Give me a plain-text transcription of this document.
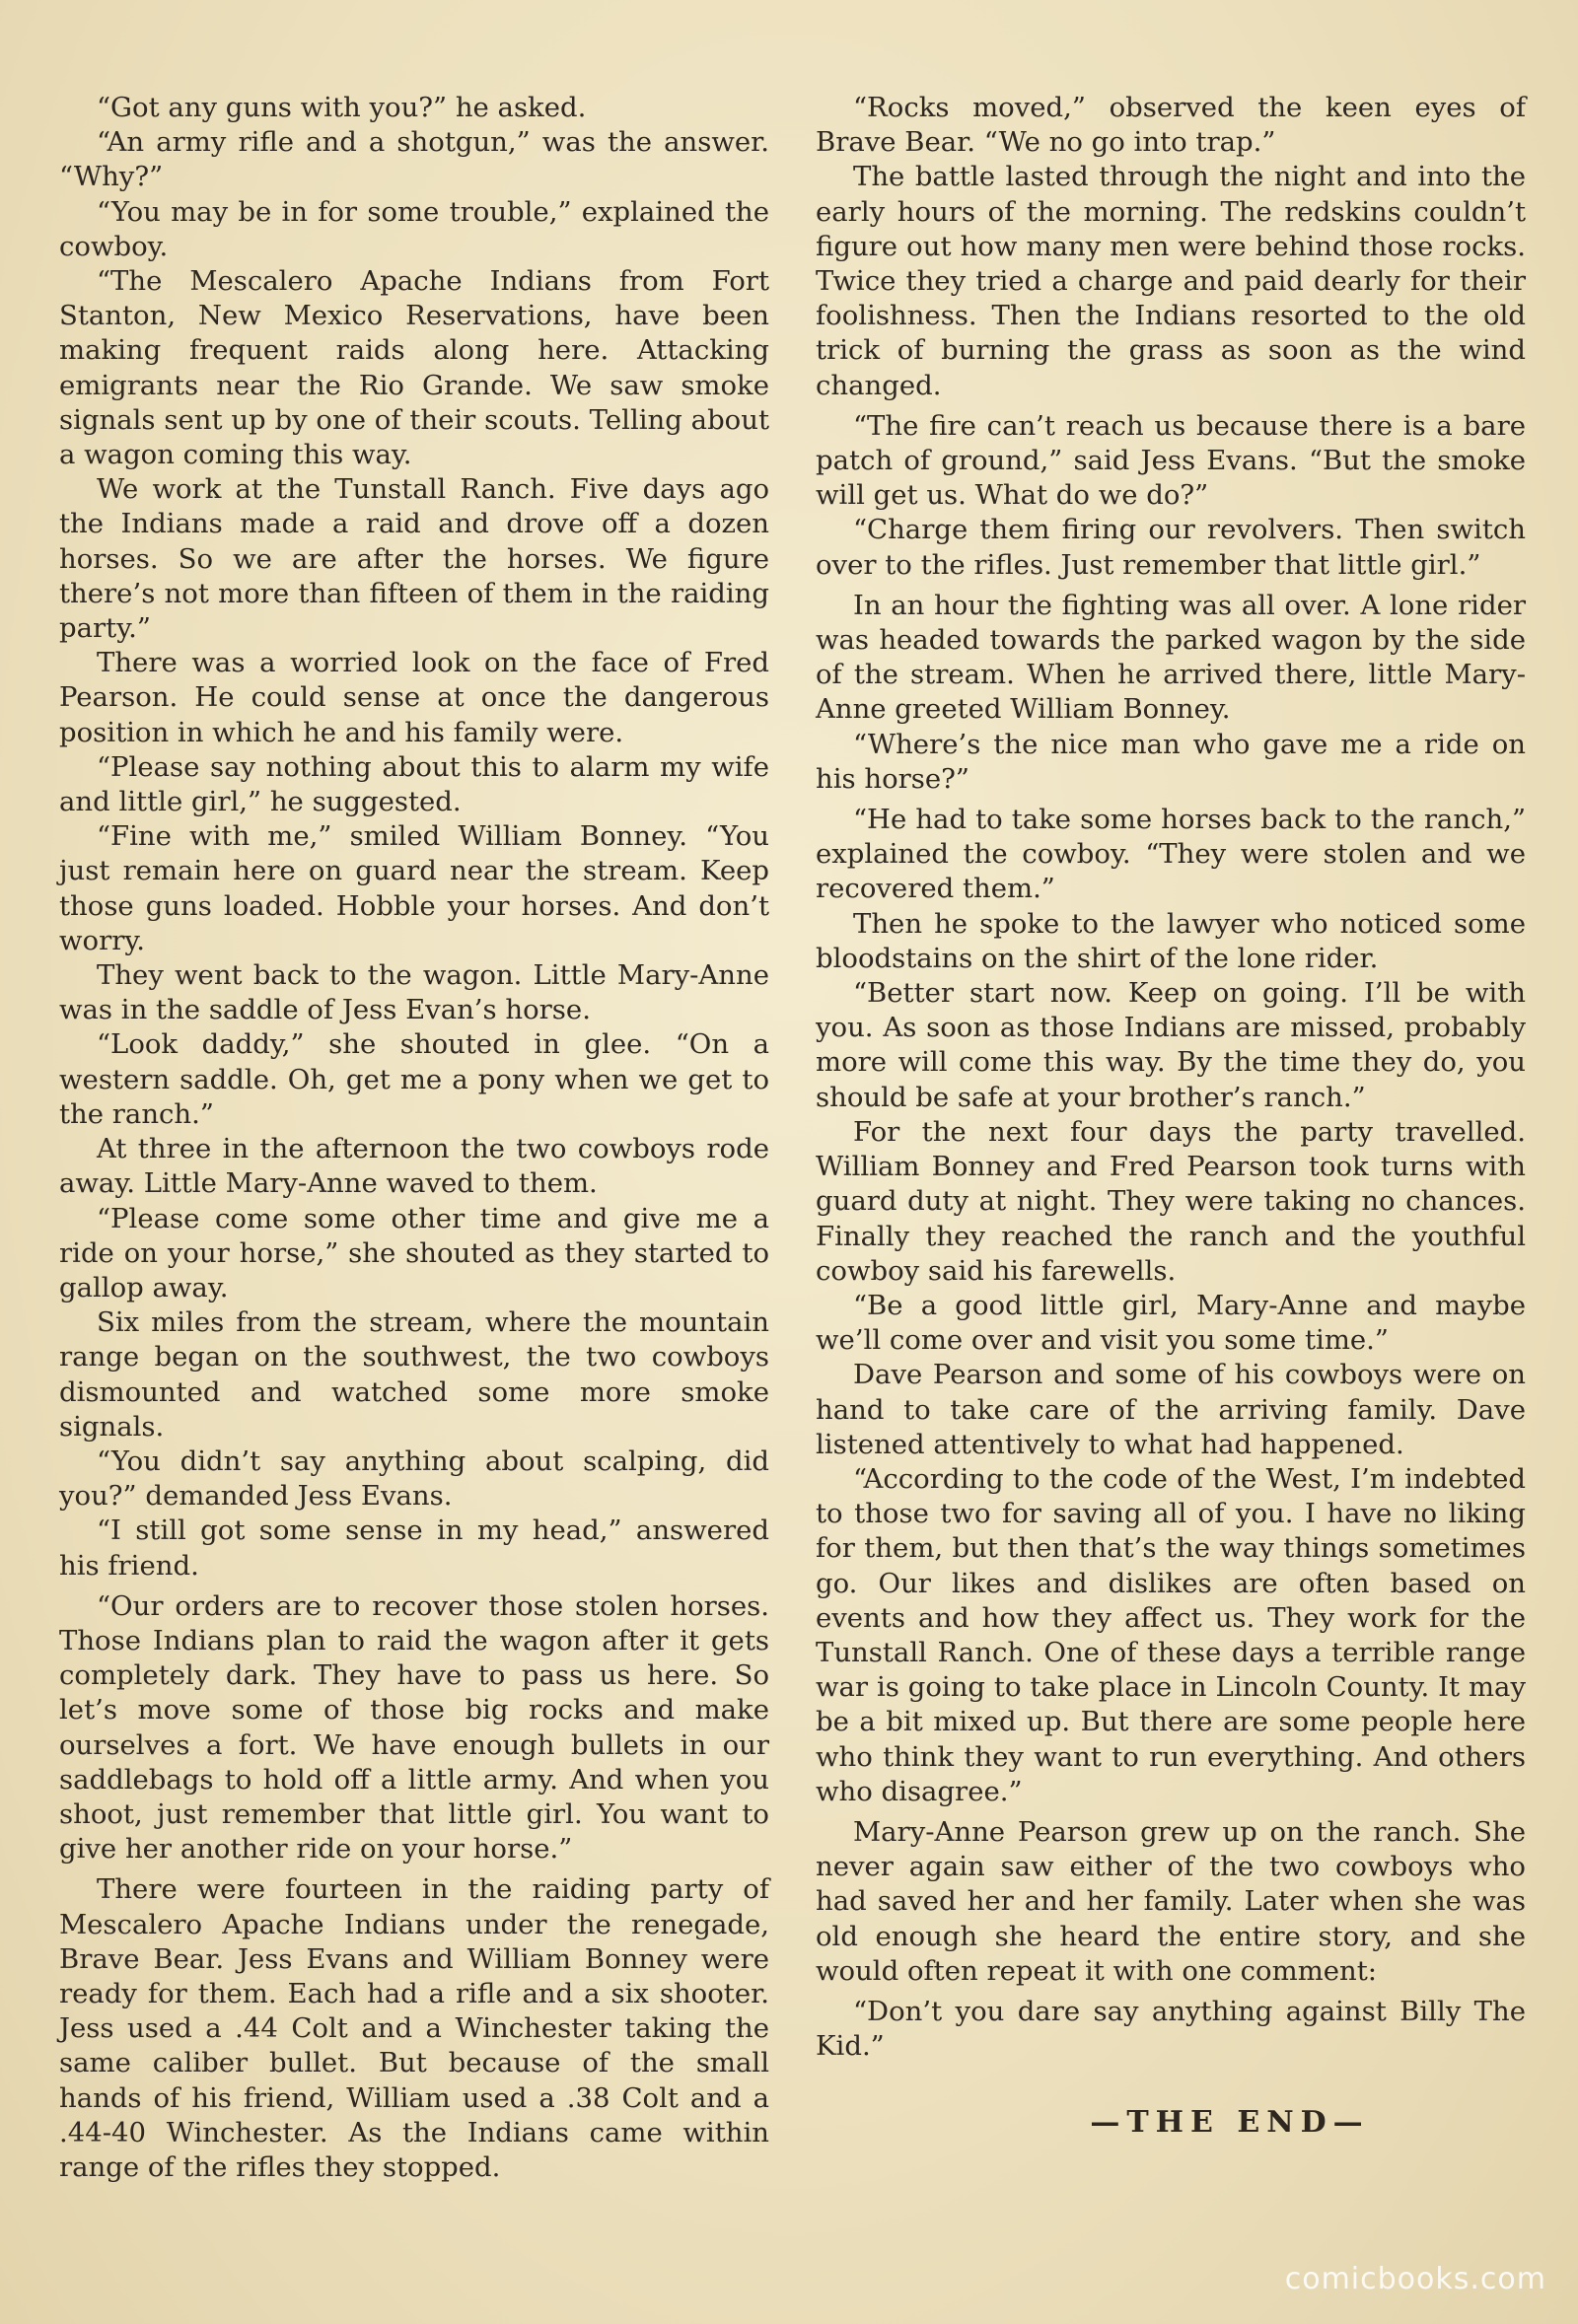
“Got any guns with you?” he asked.

“An army rifle and a shotgun,” was the answer. “Why?”

“You may be in for some trouble,” explained the cowboy.

“The Mescalero Apache Indians from Fort Stanton, New Mexico Reservations, have been making frequent raids along here. Attacking emigrants near the Rio Grande. We saw smoke signals sent up by one of their scouts. Telling about a wagon coming this way.

We work at the Tunstall Ranch. Five days ago the Indians made a raid and drove off a dozen horses. So we are after the horses. We figure there’s not more than fifteen of them in the raiding party.”

There was a worried look on the face of Fred Pearson. He could sense at once the dangerous position in which he and his family were.

“Please say nothing about this to alarm my wife and little girl,” he suggested.

“Fine with me,” smiled William Bonney. “You just remain here on guard near the stream. Keep those guns loaded. Hobble your horses. And don’t worry.

They went back to the wagon. Little Mary-Anne was in the saddle of Jess Evan’s horse.

“Look daddy,” she shouted in glee. “On a western saddle. Oh, get me a pony when we get to the ranch.”

At three in the afternoon the two cowboys rode away. Little Mary-Anne waved to them.

“Please come some other time and give me a ride on your horse,” she shouted as they started to gallop away.

Six miles from the stream, where the mountain range began on the southwest, the two cowboys dismounted and watched some more smoke signals.

“You didn’t say anything about scalping, did you?” demanded Jess Evans.

“I still got some sense in my head,” answered his friend.

“Our orders are to recover those stolen horses. Those Indians plan to raid the wagon after it gets completely dark. They have to pass us here. So let’s move some of those big rocks and make ourselves a fort. We have enough bullets in our saddlebags to hold off a little army. And when you shoot, just remember that little girl. You want to give her another ride on your horse.”

There were fourteen in the raiding party of Mescalero Apache Indians under the renegade, Brave Bear. Jess Evans and William Bonney were ready for them. Each had a rifle and a six shooter. Jess used a .44 Colt and a Winchester taking the same caliber bullet. But because of the small hands of his friend, William used a .38 Colt and a .44-40 Winchester. As the Indians came within range of the rifles they stopped.

“Rocks moved,” observed the keen eyes of Brave Bear. “We no go into trap.”

The battle lasted through the night and into the early hours of the morning. The redskins couldn’t figure out how many men were behind those rocks. Twice they tried a charge and paid dearly for their foolishness. Then the Indians resorted to the old trick of burning the grass as soon as the wind changed.

“The fire can’t reach us because there is a bare patch of ground,” said Jess Evans. “But the smoke will get us. What do we do?”

“Charge them firing our revolvers. Then switch over to the rifles. Just remember that little girl.”

In an hour the fighting was all over. A lone rider was headed towards the parked wagon by the side of the stream. When he arrived there, little Mary-Anne greeted William Bonney.

“Where’s the nice man who gave me a ride on his horse?”

“He had to take some horses back to the ranch,” explained the cowboy. “They were stolen and we recovered them.”

Then he spoke to the lawyer who noticed some bloodstains on the shirt of the lone rider.

“Better start now. Keep on going. I’ll be with you. As soon as those Indians are missed, probably more will come this way. By the time they do, you should be safe at your brother’s ranch.”

For the next four days the party travelled. William Bonney and Fred Pearson took turns with guard duty at night. They were taking no chances. Finally they reached the ranch and the youthful cowboy said his farewells.

“Be a good little girl, Mary-Anne and maybe we’ll come over and visit you some time.”

Dave Pearson and some of his cowboys were on hand to take care of the arriving family. Dave listened attentively to what had happened.

“According to the code of the West, I’m indebted to those two for saving all of you. I have no liking for them, but then that’s the way things sometimes go. Our likes and dislikes are often based on events and how they affect us. They work for the Tunstall Ranch. One of these days a terrible range war is going to take place in Lincoln County. It may be a bit mixed up. But there are some people here who think they want to run everything. And others who disagree.”

Mary-Anne Pearson grew up on the ranch. She never again saw either of the two cowboys who had saved her and her family. Later when she was old enough she heard the entire story, and she would often repeat it with one comment:

“Don’t you dare say anything against Billy The Kid.”

—THE END—
comicbooks.com
